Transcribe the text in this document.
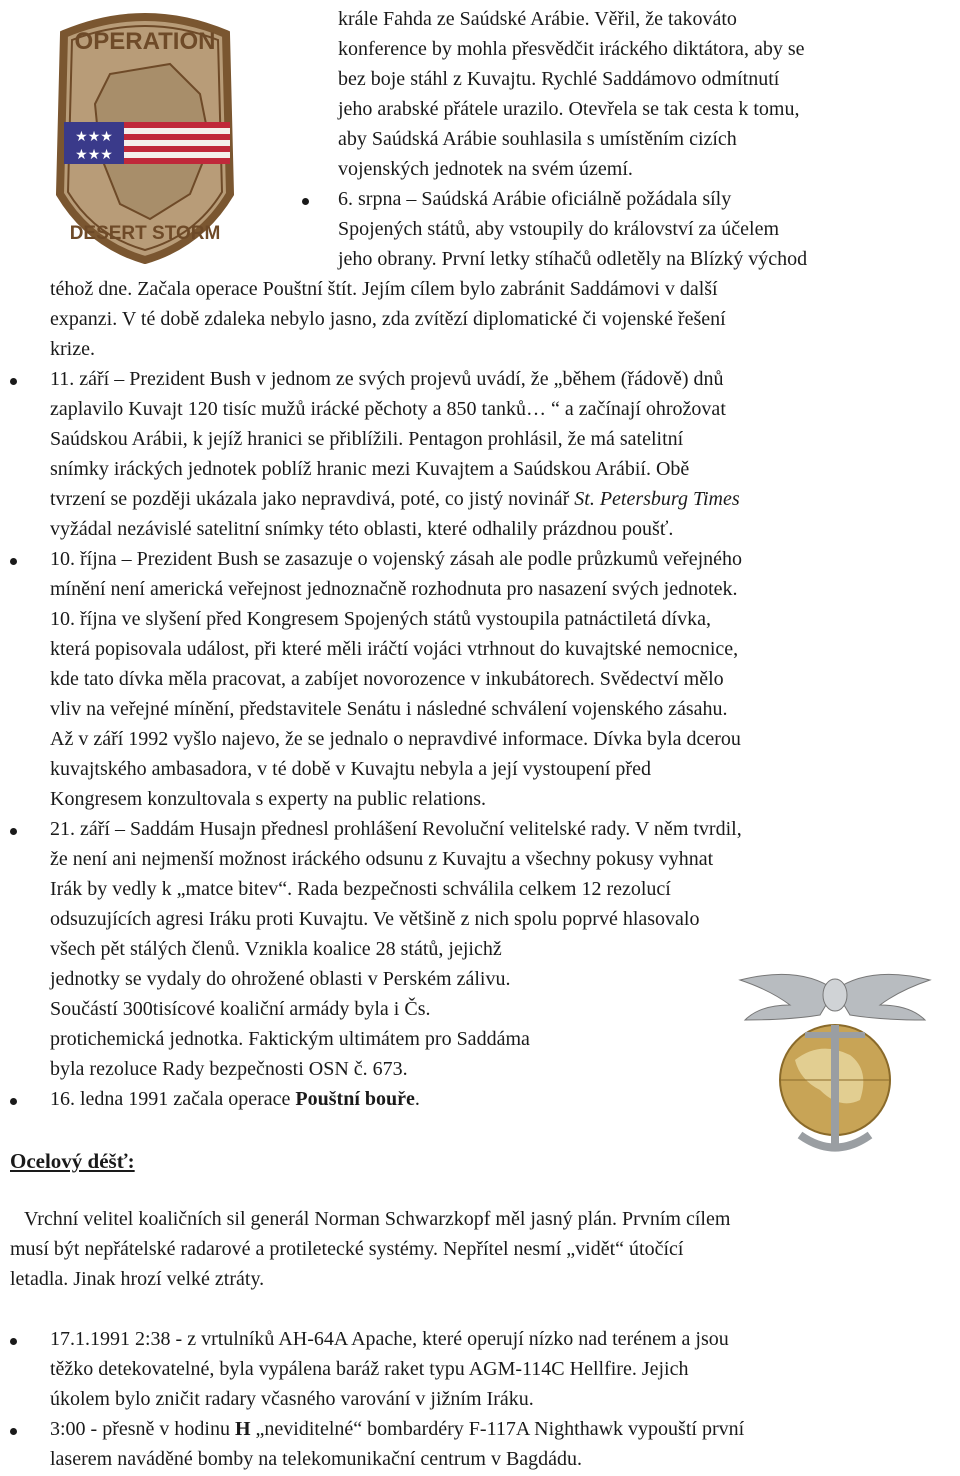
OPERATION
★★★
★★★
DESERT STORM
krále Fahda ze Saúdské Arábie. Věřil, že takováto
konference by mohla přesvědčit iráckého diktátora, aby se
bez boje stáhl z Kuvajtu. Rychlé Saddámovo odmítnutí
jeho arabské přátele urazilo. Otevřela se tak cesta k tomu,
aby Saúdská Arábie souhlasila s umístěním cizích
vojenských jednotek na svém území.
6. srpna – Saúdská Arábie oficiálně požádala síly
Spojených států, aby vstoupily do království za účelem
jeho obrany. První letky stíhačů odletěly na Blízký východ
téhož dne. Začala operace Pouštní štít. Jejím cílem bylo zabránit Saddámovi v další
expanzi. V té době zdaleka nebylo jasno, zda zvítězí diplomatické či vojenské řešení
krize.
11. září – Prezident Bush v jednom ze svých projevů uvádí, že „během (řádově) dnů
zaplavilo Kuvajt 120 tisíc mužů irácké pěchoty a 850 tanků… “ a začínají ohrožovat
Saúdskou Arábii, k jejíž hranici se přiblížili. Pentagon prohlásil, že má satelitní
snímky iráckých jednotek poblíž hranic mezi Kuvajtem a Saúdskou Arábií. Obě
tvrzení se později ukázala jako nepravdivá, poté, co jistý novinář St. Petersburg Times
vyžádal nezávislé satelitní snímky této oblasti, které odhalily prázdnou poušť.
10. října – Prezident Bush se zasazuje o vojenský zásah ale podle průzkumů veřejného
mínění není americká veřejnost jednoznačně rozhodnuta pro nasazení svých jednotek.
10. října ve slyšení před Kongresem Spojených států vystoupila patnáctiletá dívka,
která popisovala událost, při které měli iráčtí vojáci vtrhnout do kuvajtské nemocnice,
kde tato dívka měla pracovat, a zabíjet novorozence v inkubátorech. Svědectví mělo
vliv na veřejné mínění, představitele Senátu i následné schválení vojenského zásahu.
Až v září 1992 vyšlo najevo, že se jednalo o nepravdivé informace. Dívka byla dcerou
kuvajtského ambasadora, v té době v Kuvajtu nebyla a její vystoupení před
Kongresem konzultovala s experty na public relations.
21. září – Saddám Husajn přednesl prohlášení Revoluční velitelské rady. V něm tvrdil,
že není ani nejmenší možnost iráckého odsunu z Kuvajtu a všechny pokusy vyhnat
Irák by vedly k „matce bitev“. Rada bezpečnosti schválila celkem 12 rezolucí
odsuzujících agresi Iráku proti Kuvajtu. Ve většině z nich spolu poprvé hlasovalo
všech pět stálých členů. Vznikla koalice 28 států, jejichž
jednotky se vydaly do ohrožené oblasti v Perském zálivu.
Součástí 300tisícové koaliční armády byla i Čs.
protichemická jednotka. Faktickým ultimátem pro Saddáma
byla rezoluce Rady bezpečnosti OSN č. 673.
16. ledna 1991 začala operace Pouštní bouře.
Ocelový déšť:
Vrchní velitel koaličních sil generál Norman Schwarzkopf měl jasný plán. Prvním cílem
musí být nepřátelské radarové a protiletecké systémy. Nepřítel nesmí „vidět“ útočící
letadla. Jinak hrozí velké ztráty.
17.1.1991 2:38 - z vrtulníků AH-64A Apache, které operují nízko nad terénem a jsou
těžko detekovatelné, byla vypálena baráž raket typu AGM-114C Hellfire. Jejich
úkolem bylo zničit radary včasného varování v jižním Iráku.
3:00 - přesně v hodinu H „neviditelné“ bombardéry F-117A Nighthawk vypouští první
laserem naváděné bomby na telekomunikační centrum v Bagdádu.
